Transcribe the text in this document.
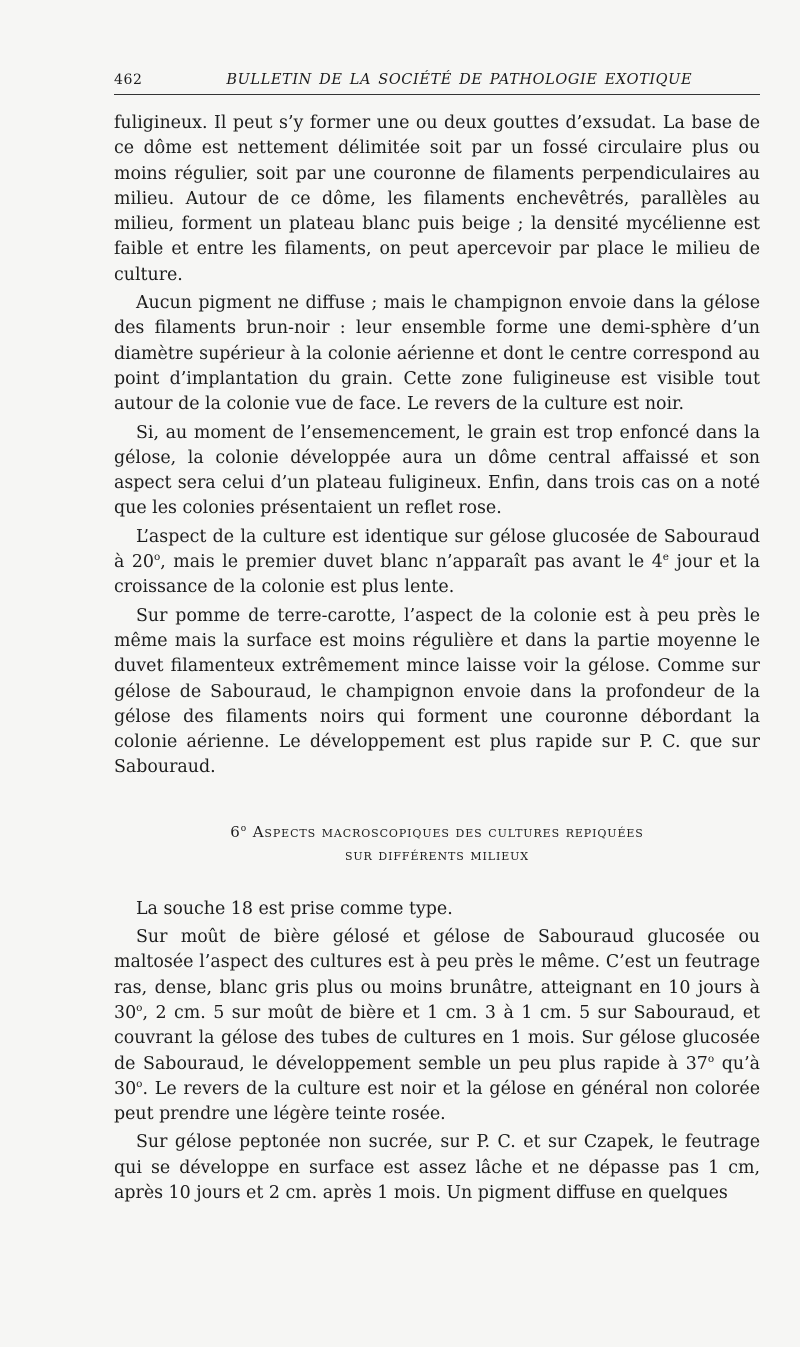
462	BULLETIN DE LA SOCIÉTÉ DE PATHOLOGIE EXOTIQUE

fuligineux. Il peut s’y former une ou deux gouttes d’exsudat. La base de ce dôme est nettement délimitée soit par un fossé circulaire plus ou moins régulier, soit par une couronne de filaments perpendiculaires au milieu. Autour de ce dôme, les filaments enchevêtrés, parallèles au milieu, forment un plateau blanc puis beige ; la densité mycélienne est faible et entre les filaments, on peut apercevoir par place le milieu de culture.

Aucun pigment ne diffuse ; mais le champignon envoie dans la gélose des filaments brun-noir : leur ensemble forme une demi-sphère d’un diamètre supérieur à la colonie aérienne et dont le centre correspond au point d’implantation du grain. Cette zone fuligineuse est visible tout autour de la colonie vue de face. Le revers de la culture est noir.

Si, au moment de l’ensemencement, le grain est trop enfoncé dans la gélose, la colonie développée aura un dôme central affaissé et son aspect sera celui d’un plateau fuligineux. Enfin, dans trois cas on a noté que les colonies présentaient un reflet rose.

L’aspect de la culture est identique sur gélose glucosée de Sabouraud à 20$^o$, mais le premier duvet blanc n’apparaît pas avant le 4e jour et la croissance de la colonie est plus lente.

Sur pomme de terre-carotte, l’aspect de la colonie est à peu près le même mais la surface est moins régulière et dans la partie moyenne le duvet filamenteux extrêmement mince laisse voir la gélose. Comme sur gélose de Sabouraud, le champignon envoie dans la profondeur de la gélose des filaments noirs qui forment une couronne débordant la colonie aérienne. Le développement est plus rapide sur P. C. que sur Sabouraud.

6$^o$ Aspects macroscopiques des cultures repiquées
sur différents milieux

La souche 18 est prise comme type.

Sur moût de bière gélosé et gélose de Sabouraud glucosée ou maltosée l’aspect des cultures est à peu près le même. C’est un feutrage ras, dense, blanc gris plus ou moins brunâtre, atteignant en 10 jours à 30$^o$, 2 cm. 5 sur moût de bière et 1 cm. 3 à 1 cm. 5 sur Sabouraud, et couvrant la gélose des tubes de cultures en 1 mois. Sur gélose glucosée de Sabouraud, le développement semble un peu plus rapide à 37$^o$ qu’à 30$^o$. Le revers de la culture est noir et la gélose en général non colorée peut prendre une légère teinte rosée.

Sur gélose peptonée non sucrée, sur P. C. et sur Czapek, le feutrage qui se développe en surface est assez lâche et ne dépasse pas 1 cm, après 10 jours et 2 cm. après 1 mois. Un pigment diffuse en quelques
